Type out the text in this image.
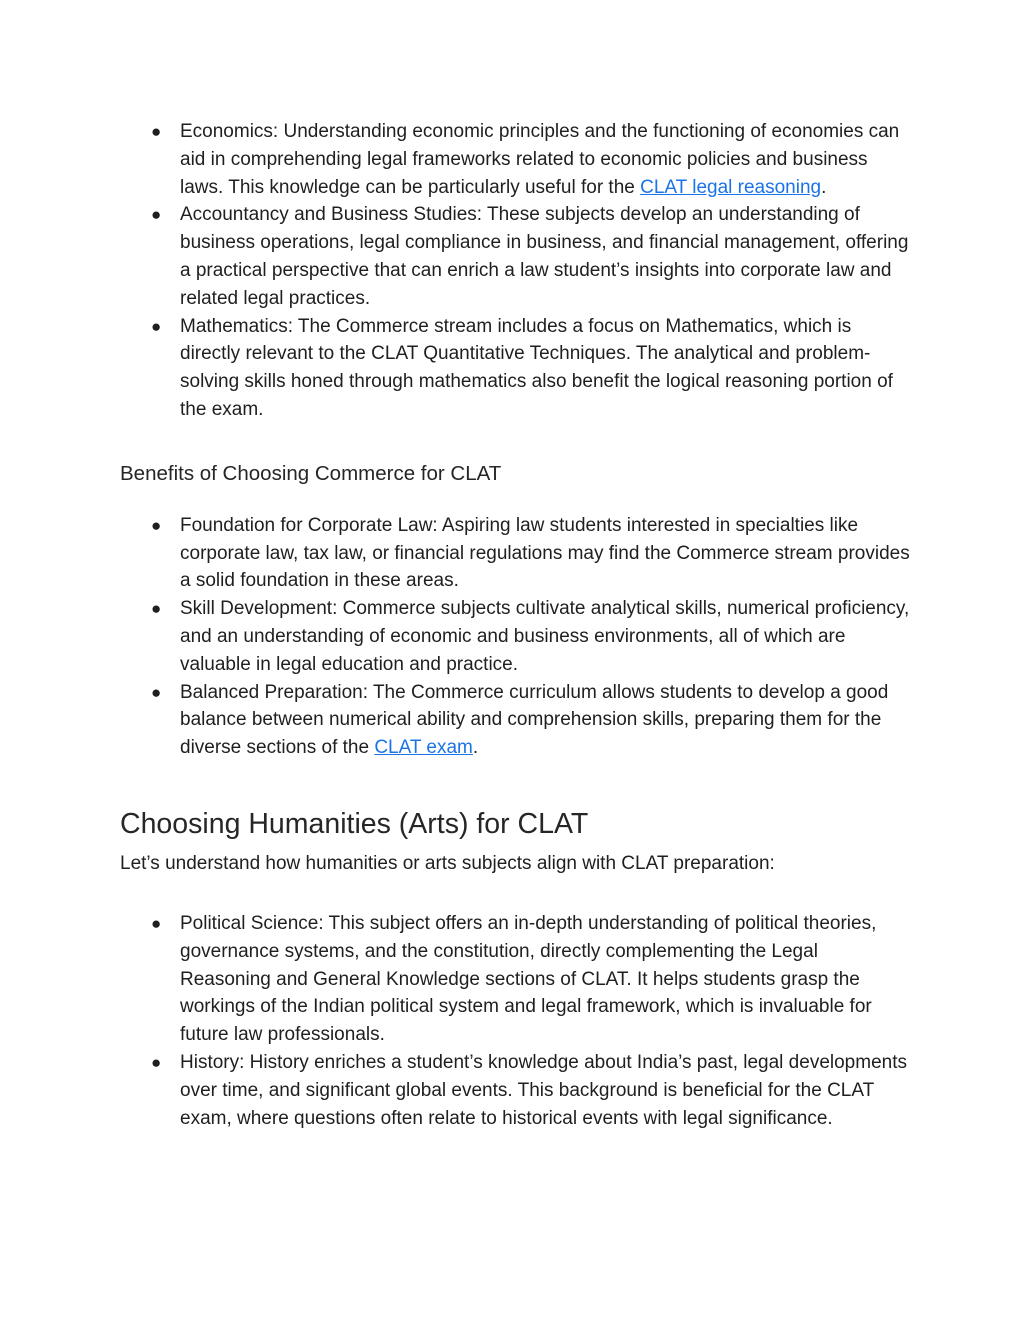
● Economics: Understanding economic principles and the functioning of economies can aid in comprehending legal frameworks related to economic policies and business laws. This knowledge can be particularly useful for the CLAT legal reasoning.
● Accountancy and Business Studies: These subjects develop an understanding of business operations, legal compliance in business, and financial management, offering a practical perspective that can enrich a law student’s insights into corporate law and related legal practices.
● Mathematics: The Commerce stream includes a focus on Mathematics, which is directly relevant to the CLAT Quantitative Techniques. The analytical and problem-solving skills honed through mathematics also benefit the logical reasoning portion of the exam.
Benefits of Choosing Commerce for CLAT
● Foundation for Corporate Law: Aspiring law students interested in specialties like corporate law, tax law, or financial regulations may find the Commerce stream provides a solid foundation in these areas.
● Skill Development: Commerce subjects cultivate analytical skills, numerical proficiency, and an understanding of economic and business environments, all of which are valuable in legal education and practice.
● Balanced Preparation: The Commerce curriculum allows students to develop a good balance between numerical ability and comprehension skills, preparing them for the diverse sections of the CLAT exam.
Choosing Humanities (Arts) for CLAT

Let’s understand how humanities or arts subjects align with CLAT preparation:

● Political Science: This subject offers an in-depth understanding of political theories, governance systems, and the constitution, directly complementing the Legal Reasoning and General Knowledge sections of CLAT. It helps students grasp the workings of the Indian political system and legal framework, which is invaluable for future law professionals.
● History: History enriches a student’s knowledge about India’s past, legal developments over time, and significant global events. This background is beneficial for the CLAT exam, where questions often relate to historical events with legal significance.
